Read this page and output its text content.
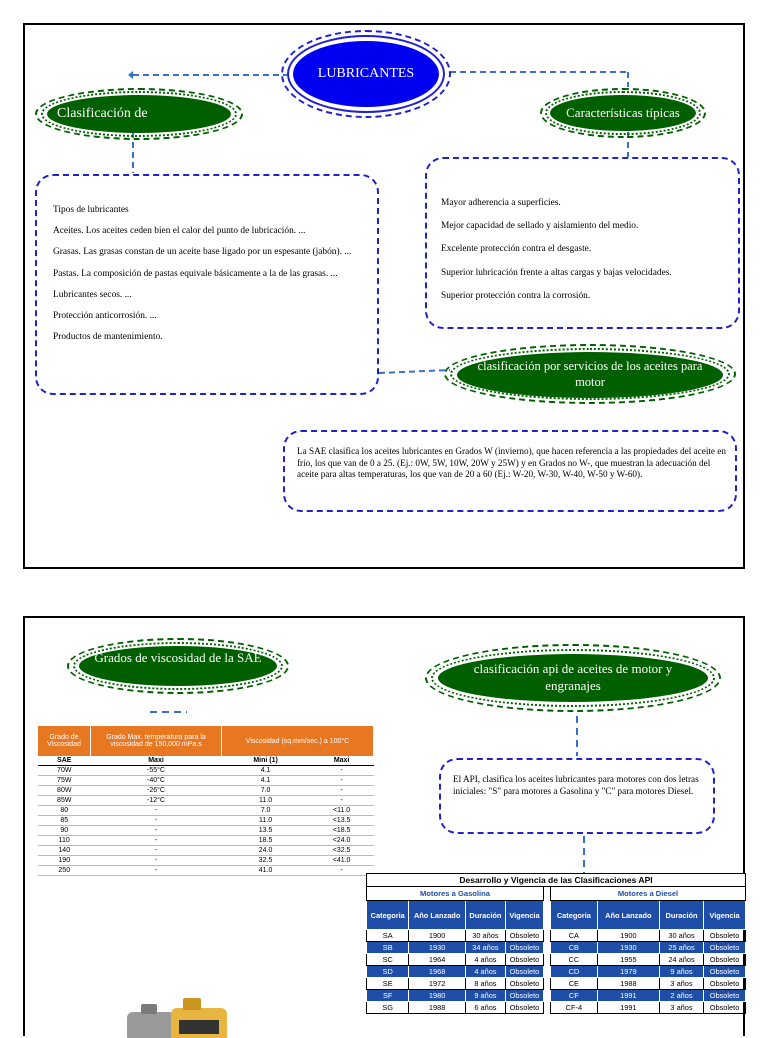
LUBRICANTES
Clasificación de	Características típicas

Tipos de lubricantes

Aceites. Los aceites ceden bien el calor del punto de lubricación. ...

Grasas. Las grasas constan de un aceite base ligado por un espesante (jabón). ...

Pastas. La composición de pastas equivale básicamente a la de las grasas. ...

Lubricantes secos. ...

Protección anticorrosión. ...

Productos de mantenimiento.

Mayor adherencia a superficies.

Mejor capacidad de sellado y aislamiento del medio.

Excelente protección contra el desgaste.

Superior lubricación frente a altas cargas y bajas velocidades.

Superior protección contra la corrosión.

clasificación por servicios de los aceites para motor
La SAE clasifica los aceites lubricantes en Grados W (invierno), que hacen referencia a las propiedades del aceite en frío, los que van de 0 a 25. (Ej.: 0W, 5W, 10W, 20W y 25W) y en Grados no W-, que muestran la adecuación del aceite para altas temperaturas, los que van de 20 a 60 (Ej.: W-20, W-30, W-40, W-50 y W-60).
Grados de viscosidad de la SAE
clasificación api de aceites de motor y engranajes
El API, clasifica los aceites lubricantes para motores con dos letras iniciales: "S" para motores a Gasolina y "C" para motores Diesel.
Grado de Viscosidad	Grado Max. temperatura para la viscosidad de 150,000 mPa.s	Viscosidad (sq.mm/sec.) a 100°C	
SAE	Maxi	Mini (1)	Maxi
70W	-55°C	4.1	-
75W	-40°C	4.1	-
80W	-26°C	7.0	-
85W	-12°C	11.0	-
80	-	7.0	<11.0
85	-	11.0	<13.5
90	-	13.5	<18.5
110	-	18.5	<24.0
140	-	24.0	<32.5
190	-	32.5	<41.0
250	-	41.0	-
Desarrollo y Vigencia de las Clasificaciones API
Motores a Gasolina			
Categoria	Año Lanzado	Duración	Vigencia
SA	1900	30 años	Obsoleto
SB	1930	34 años	Obsoleto
SC	1964	4 años	Obsoleto
SD	1968	4 años	Obsoleto
SE	1972	8 años	Obsoleto
SF	1980	9 años	Obsoleto
SG	1988	6 años	Obsoleto
Motores a Diesel			
Categoria	Año Lanzado	Duración	Vigencia
CA	1900	30 años	Obsoleto
CB	1930	25 años	Obsoleto
CC	1955	24 años	Obsoleto
CD	1979	9 años	Obsoleto
CE	1988	3 años	Obsoleto
CF	1991	2 años	Obsoleto
CF-4	1991	3 años	Obsoleto
